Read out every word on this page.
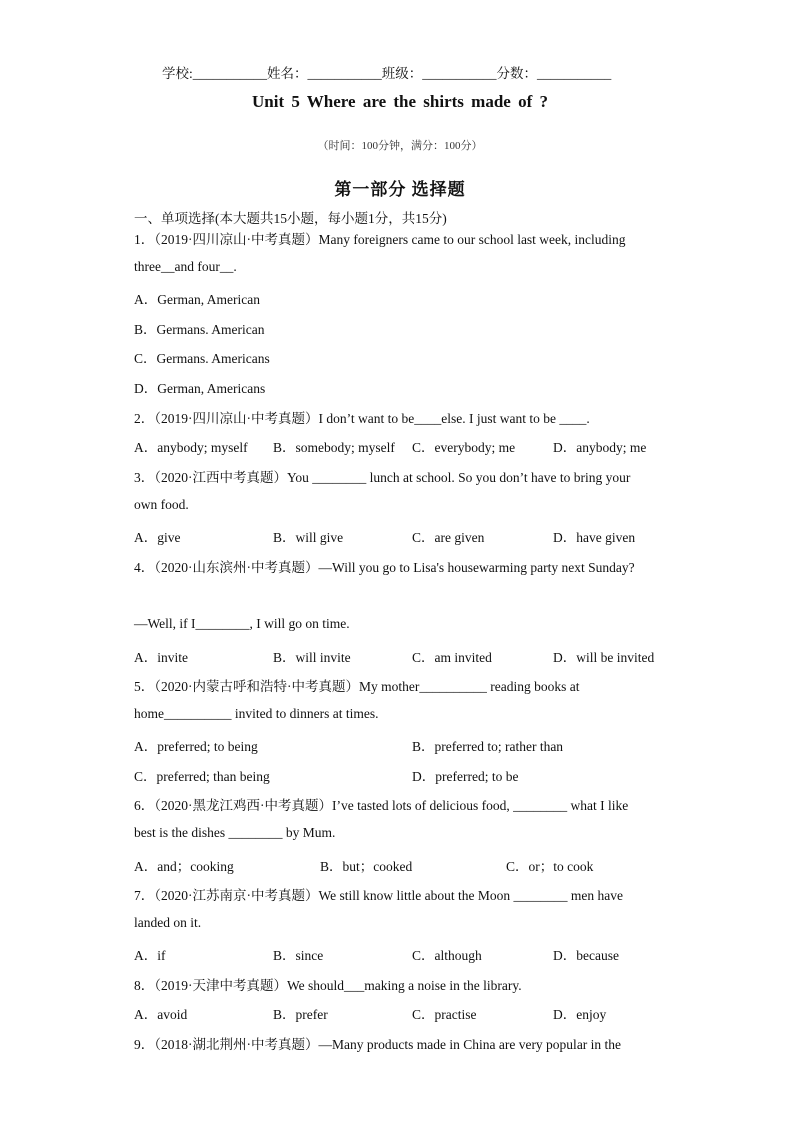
学校:___________姓名：___________班级：___________分数：___________
Unit 5 Where are the shirts made of ?
（时间：100分钟，满分：100分）
第一部分 选择题
一、单项选择(本大题共15小题，每小题1分，共15分)
1．（2019·四川凉山·中考真题）Many foreigners came to our school last week, including
three__and four__.
A．German, American
B．Germans. American
C．Germans. Americans
D．German, Americans
2．（2019·四川凉山·中考真题）I don’t want to be____else. I just want to be ____.
A．anybody; myself B．somebody; myself C．everybody; me	D．anybody; me
3．（2020·江西中考真题）You ________ lunch at school. So you don’t have to bring your
own food.
A．give	B．will give	C．are given	D．have given
4．（2020·山东滨州·中考真题）—Will you go to Lisa's housewarming party next Sunday?
—Well, if I________, I will go on time.
A．invite	B．will invite	C．am invited	D．will be invited
5．（2020·内蒙古呼和浩特·中考真题）My mother__________ reading books at
home__________ invited to dinners at times.
A．preferred; to being	B．preferred to; rather than
C．preferred; than being	D．preferred; to be
6．（2020·黑龙江鸡西·中考真题）I’ve tasted lots of delicious food, ________ what I like
best is the dishes ________ by Mum.
A．and；cooking	B．but；cooked	C．or；to cook
7．（2020·江苏南京·中考真题）We still know little about the Moon ________ men have
landed on it.
A．if	B．since	C．although	D．because
8．（2019·天津中考真题）We should___making a noise in the library.
A．avoid	B．prefer	C．practise	D．enjoy
9．（2018·湖北荆州·中考真题）—Many products made in China are very popular in the
